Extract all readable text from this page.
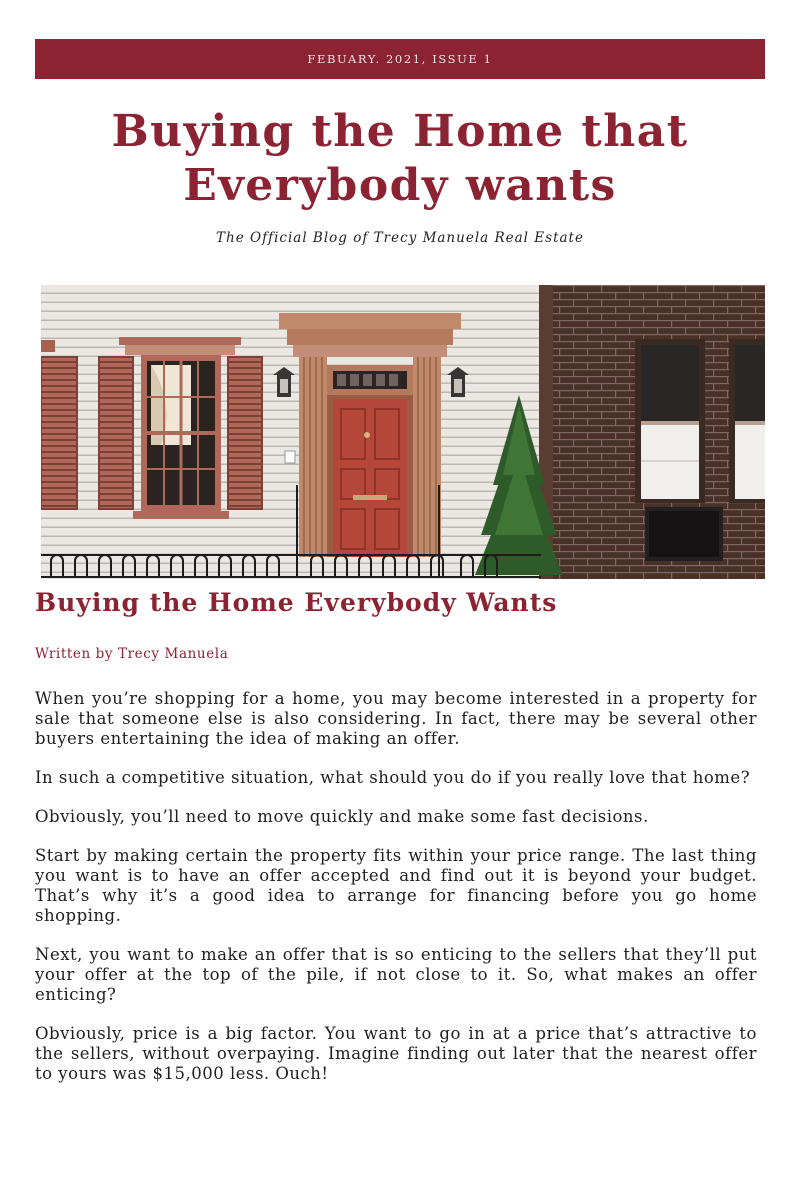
FEBUARY. 2021, ISSUE 1
Buying the Home that Everybody wants
The Official Blog of Trecy Manuela Real Estate
Buying the Home Everybody Wants
Written by Trecy Manuela

When you’re shopping for a home, you may become interested in a property for sale that someone else is also considering. In fact, there may be several other buyers entertaining the idea of making an offer.

In such a competitive situation, what should you do if you really love that home?

Obviously, you’ll need to move quickly and make some fast decisions.

Start by making certain the property fits within your price range. The last thing you want is to have an offer accepted and find out it is beyond your budget. That’s why it’s a good idea to arrange for financing before you go home shopping.

Next, you want to make an offer that is so enticing to the sellers that they’ll put your offer at the top of the pile, if not close to it. So, what makes an offer enticing?

Obviously, price is a big factor. You want to go in at a price that’s attractive to the sellers, without overpaying. Imagine finding out later that the nearest offer to yours was $15,000 less. Ouch!
